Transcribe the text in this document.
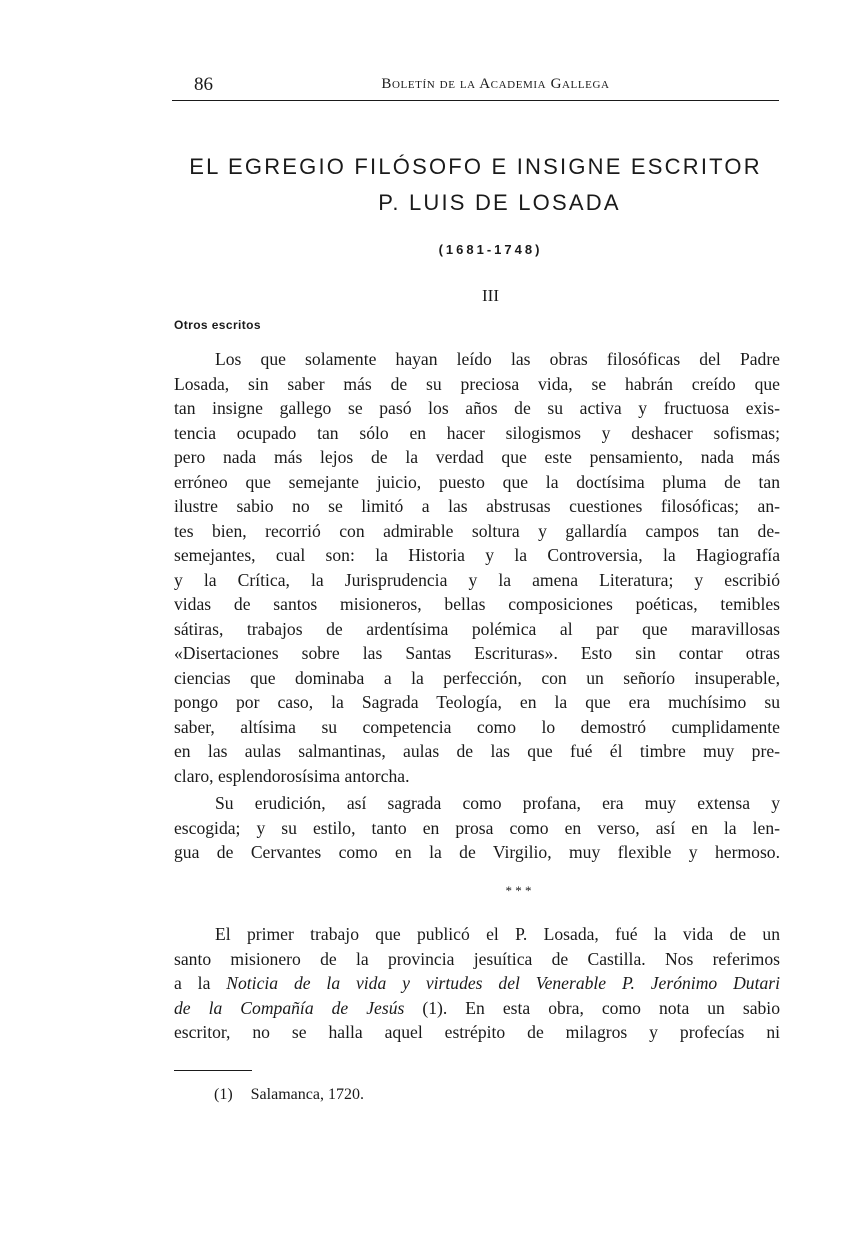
86	Boletín de la Academia Gallega
EL EGREGIO FILÓSOFO E INSIGNE ESCRITOR
P. LUIS DE LOSADA
(1681-1748)
III
Otros escritos
Los que solamente hayan leído las obras filosóficas del Padre
Losada, sin saber más de su preciosa vida, se habrán creído que
tan insigne gallego se pasó los años de su activa y fructuosa exis-
tencia ocupado tan sólo en hacer silogismos y deshacer sofismas;
pero nada más lejos de la verdad que este pensamiento, nada más
erróneo que semejante juicio, puesto que la doctísima pluma de tan
ilustre sabio no se limitó a las abstrusas cuestiones filosóficas; an-
tes bien, recorrió con admirable soltura y gallardía campos tan de-
semejantes, cual son: la Historia y la Controversia, la Hagiografía
y la Crítica, la Jurisprudencia y la amena Literatura; y escribió
vidas de santos misioneros, bellas composiciones poéticas, temibles
sátiras, trabajos de ardentísima polémica al par que maravillosas
«Disertaciones sobre las Santas Escrituras». Esto sin contar otras
ciencias que dominaba a la perfección, con un señorío insuperable,
pongo por caso, la Sagrada Teología, en la que era muchísimo su
saber, altísima su competencia como lo demostró cumplidamente
en las aulas salmantinas, aulas de las que fué él timbre muy pre-
claro, esplendorosísima antorcha.
Su erudición, así sagrada como profana, era muy extensa y
escogida; y su estilo, tanto en prosa como en verso, así en la len-
gua de Cervantes como en la de Virgilio, muy flexible y hermoso.
* * *
El primer trabajo que publicó el P. Losada, fué la vida de un
santo misionero de la provincia jesuítica de Castilla. Nos referimos
a la Noticia de la vida y virtudes del Venerable P. Jerónimo Dutari
de la Compañía de Jesús (1). En esta obra, como nota un sabio
escritor, no se halla aquel estrépito de milagros y profecías ni
(1) Salamanca, 1720.
